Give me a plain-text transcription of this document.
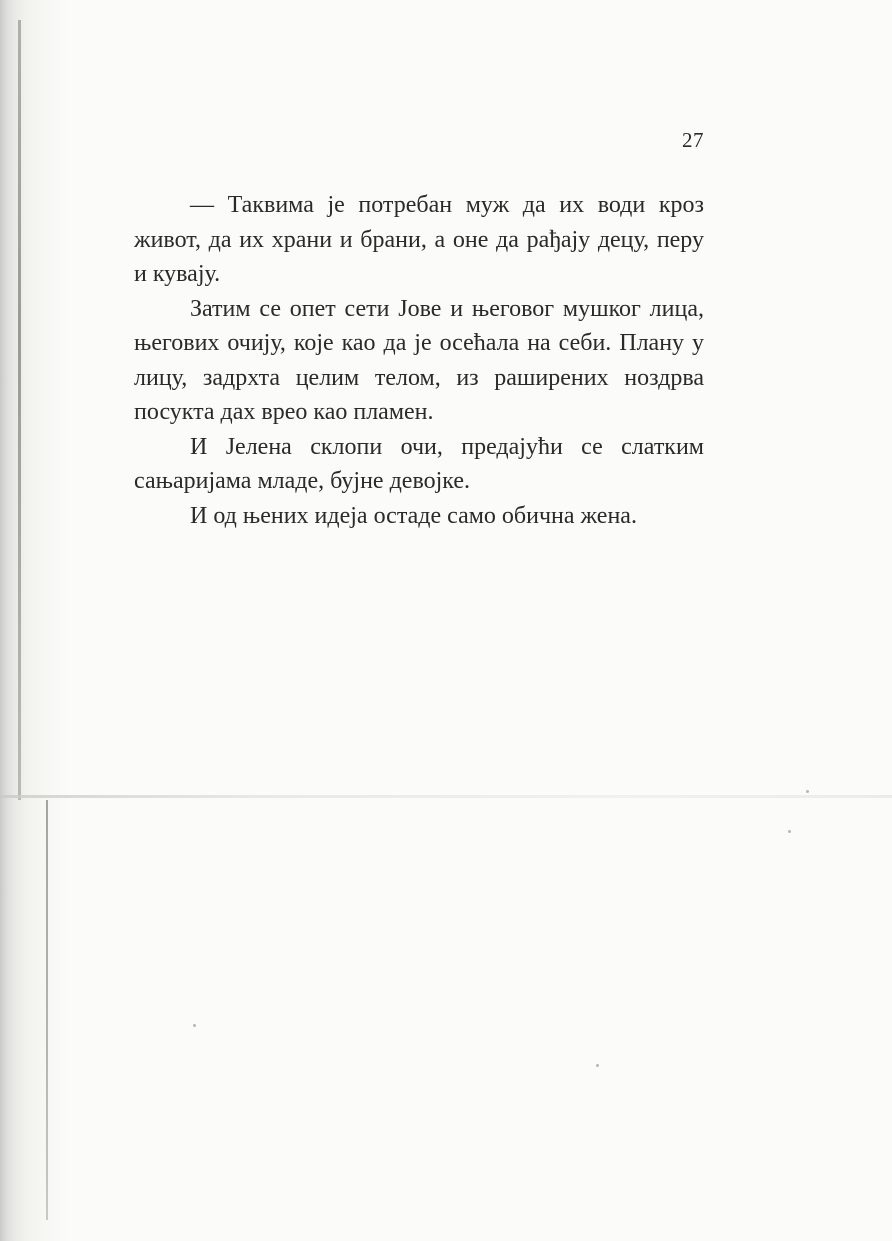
27

— Таквима је потребан муж да их води кроз живот, да их храни и брани, а оне да рађају децу, перу и кувају.

Затим се опет сети Јове и његовог мушког лица, његових очију, које као да је осећала на себи. Плану у лицу, задрхта целим телом, из раширених ноздрва посукта дах врео као пламен.

И Јелена склопи очи, предајући се слатким сањаријама младе, бујне девојке.

И од њених идеја остаде само обична жена.
